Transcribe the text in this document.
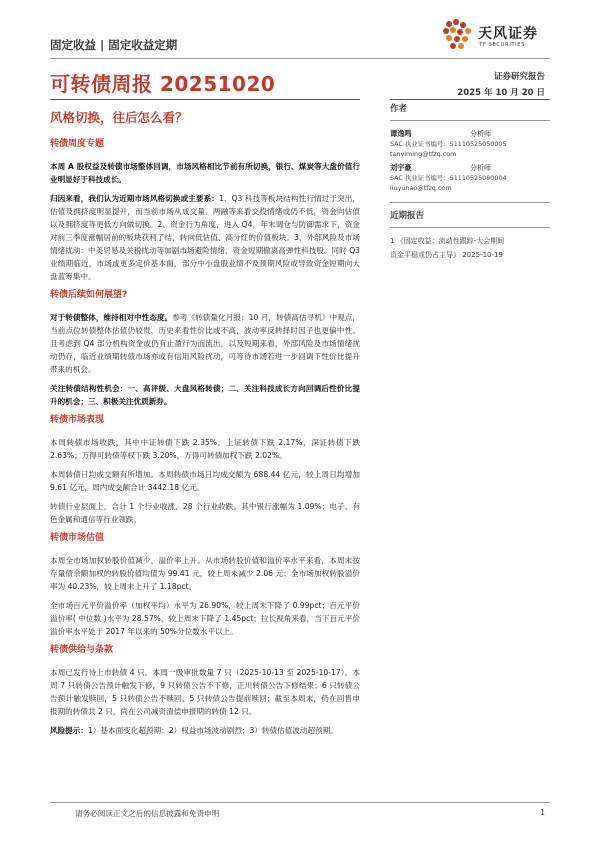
固定收益 | 固定收益定期
天风证券
TF SECURITIES
可转债周报 20251020	证券研究报告
2025 年 10 月 20 日
风格切换，往后怎么看？
转债周度专题
本周 A 股权益及转债市场整体回调，市场风格相比节前有所切换，银行、煤炭等大盘价值行业明显好于科技成长。
归因来看，我们认为近期市场风格切换或主要系：1、Q3 科技等板块结构性行情过于突出，估值及拥挤度明显提升，而当前市场从成交量、两融等来看交投情绪或仍不低，资金向估值以及拥挤度等更低方向做切换。2、资金行为角度，进入 Q4，年末调仓与防御需求下，资金对前三季度涨幅居前的板块获利了结，转向低估值、高分红的价值板块。3、外部风险及市场情绪扰动：中美贸易及关税扰动等加剧市场避险情绪，资金短期撤离高弹性科技股。同时 Q3 业绩期临近，市场或更多定价基本面，部分中小盘股业绩不及预期风险或导致资金短期向大盘蓝筹集中。
转债后续如何展望?
对于转债整体，维持相对中性态度。参考《转债量化月报：10 月，转债高估寻机》中观点，当前点位转债整体估值仍较贵，历史来看性价比或不高，波动率反转择时因子也更偏中性。且考虑到 Q4 部分机构资金或仍有止盈行为而流出，以及短期来看，外部风险及市场情绪扰动仍存，临近业绩期转债市场亦或有信用风险扰动，可等待市场若进一步回调下性价比提升带来的机会。
关注转债结构性机会：一、高评级、大盘风格转债；二、关注科技成长方向回调后性价比提升的机会；三、积极关注优质新券。
转债市场表现
本周转债市场收跌，其中中证转债下跌 2.35%，上证转债下跌 2.17%，深证转债下跌 2.63%；万得可转债等权下跌 3.20%，万得可转债加权下跌 2.02%。
本周转债日均成交额有所增加。本周转债市场日均成交额为 688.44 亿元，较上周日均增加 9.61 亿元，周内成交额合计 3442.18 亿元。
转债行业层面上，合计 1 个行业收涨、28 个行业收跌。其中银行涨幅为 1.09%；电子、有色金属和通信等行业领跌。
转债市场估值
本周全市场加权转股价值减少，溢价率上升。从市场转股价值和溢价率水平来看，本周末按存量债余额加权的转股价值均值为 99.41 元，较上周末减少 2.06 元；全市场加权转股溢价率为 40.23%，较上周末上升了 1.18pct。
全市场百元平价溢价率（加权平均）水平为 26.90%，较上周末下降了 0.99pct；百元平价溢价率( 中位数 )水平为 28.57%，较上周末下降了 1.45pct；拉长视角来看，当下百元平价溢价率水平处于 2017 年以来的 50%分位数水平以上。
转债供给与条款
本周已发行待上市转债 4 只。本周一级审批数量 7 只（2025-10-13 至 2025-10-17）。本周 7 只转债公告预计触发下修，9 只转债公告不下修，正川转债公告下修结果；6 只转债公告预计触发赎回，5 只转债公告不赎回，5 只转债公告提前赎回；截至本周末，仍在回售申报期的转债共 2 只，尚在公司减资清偿申报期的转债 12 只。
风险提示：1）基本面变化超预期；2）权益市场波动剧烈；3）转债估值波动超预期。
作者
谭逸鸣	分析师
SAC 执业证书编号：S1110525050005
tanyiming@tfzq.com
刘宇豪	分析师
SAC 执业证书编号：S1110525080004
liuyuhao@tfzq.com
近期报告
1 《固定收益：流动性跟踪-大会期间
资金平稳或仍占主导》 2025-10-19
请务必阅读正文之后的信息披露和免责申明	1
